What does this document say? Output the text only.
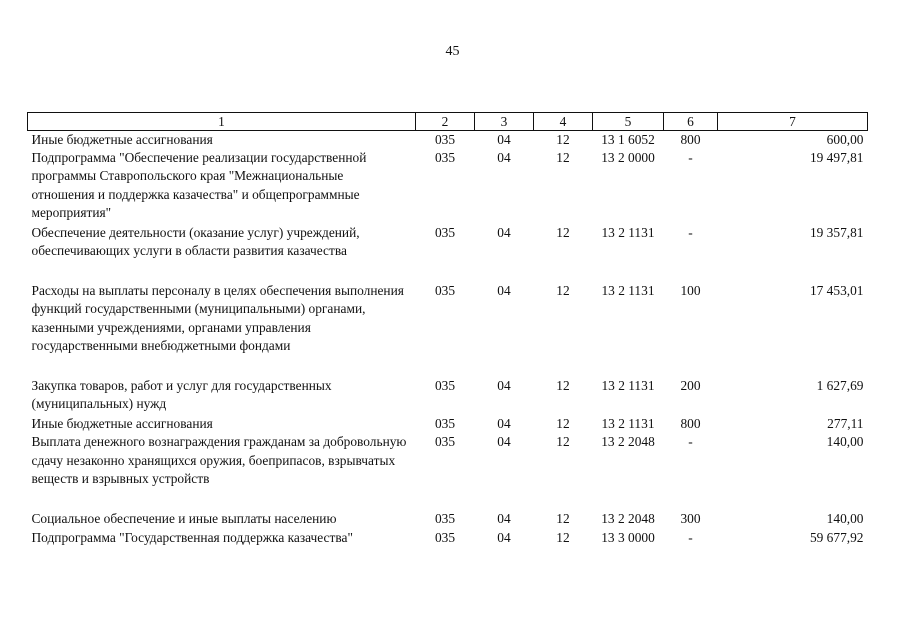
45
1	2	3	4	5	6	7
Иные бюджетные ассигнования	035	04	12	13 1 6052	800	600,00
Подпрограмма "Обеспечение реализации государственной программы Ставропольского края "Межнациональные отношения и поддержка казачества" и общепрограммные мероприятия"	035	04	12	13 2 0000	-	19 497,81
Обеспечение деятельности (оказание услуг) учреждений, обеспечивающих услуги в области развития казачества	035	04	12	13 2 1131	-	19 357,81
Расходы на выплаты персоналу в целях обеспечения выполнения функций государственными (муниципальными) органами, казенными учреждениями, органами управления государственными внебюджетными фондами	035	04	12	13 2 1131	100	17 453,01
Закупка товаров, работ и услуг для государственных (муниципальных) нужд	035	04	12	13 2 1131	200	1 627,69
Иные бюджетные ассигнования	035	04	12	13 2 1131	800	277,11
Выплата денежного вознаграждения гражданам за добровольную сдачу незаконно хранящихся оружия, боеприпасов, взрывчатых веществ и взрывных устройств	035	04	12	13 2 2048	-	140,00
Социальное обеспечение и иные выплаты населению	035	04	12	13 2 2048	300	140,00
Подпрограмма "Государственная поддержка казачества"	035	04	12	13 3 0000	-	59 677,92
